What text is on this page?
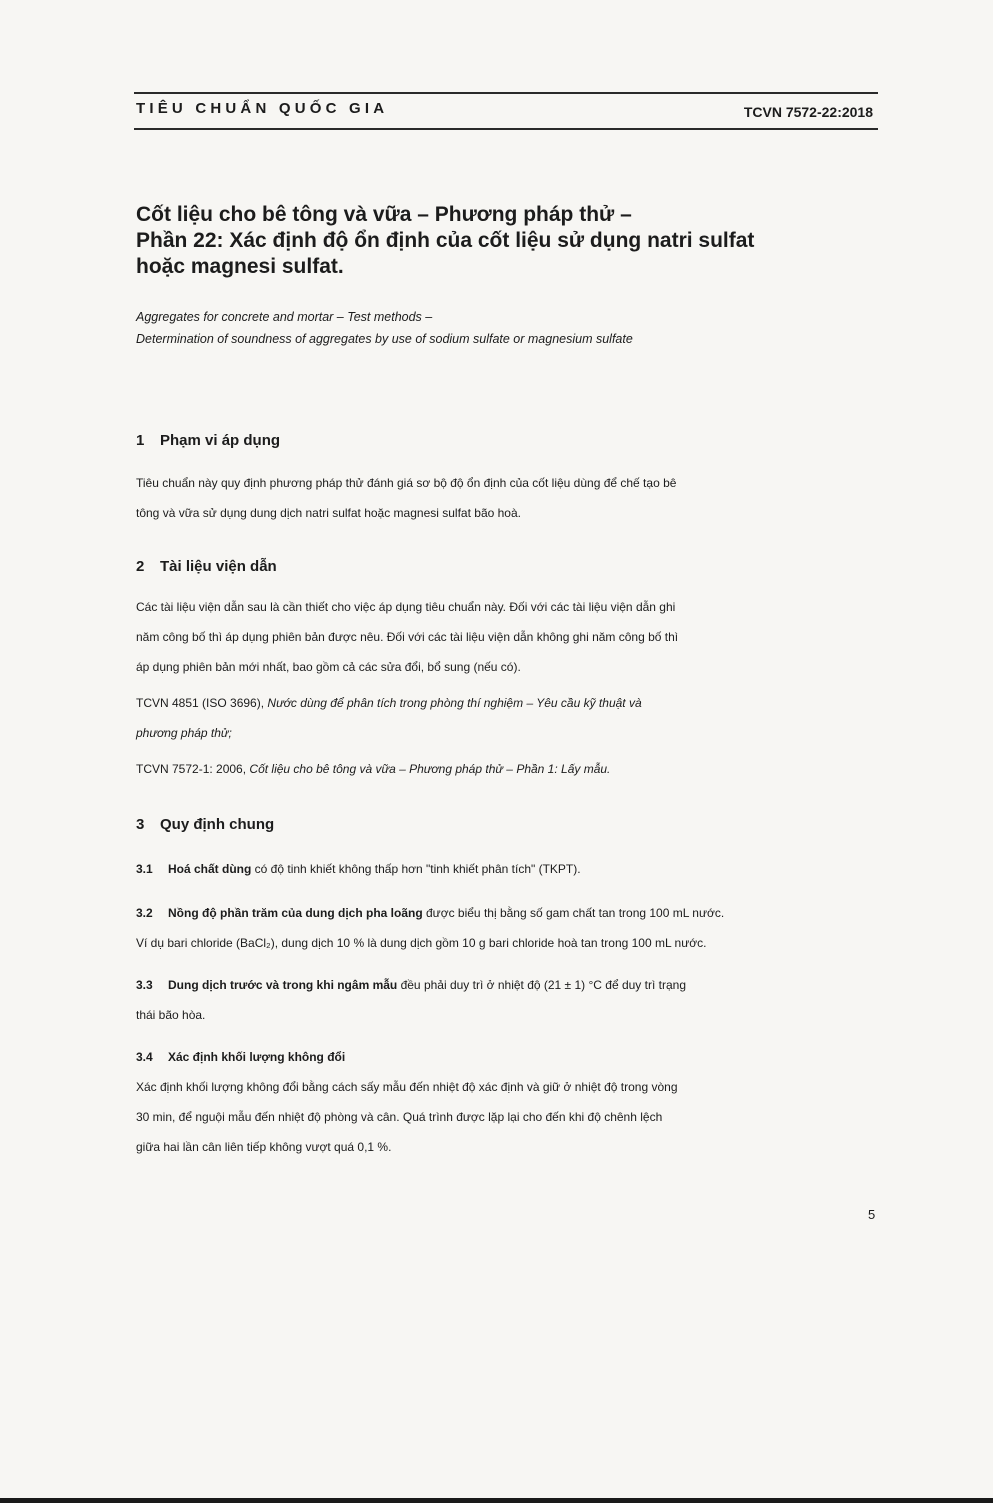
TIÊU CHUẨN QUỐC GIA	TCVN 7572-22:2018
Cốt liệu cho bê tông và vữa – Phương pháp thử –
Phần 22: Xác định độ ổn định của cốt liệu sử dụng natri sulfat
hoặc magnesi sulfat.
Aggregates for concrete and mortar – Test methods –
Determination of soundness of aggregates by use of sodium sulfate or magnesium sulfate
1 Phạm vi áp dụng
Tiêu chuẩn này quy định phương pháp thử đánh giá sơ bộ độ ổn định của cốt liệu dùng để chế tạo bê
tông và vữa sử dụng dung dịch natri sulfat hoặc magnesi sulfat bão hoà.
2 Tài liệu viện dẫn
Các tài liệu viện dẫn sau là cần thiết cho việc áp dụng tiêu chuẩn này. Đối với các tài liệu viện dẫn ghi
năm công bố thì áp dụng phiên bản được nêu. Đối với các tài liệu viện dẫn không ghi năm công bố thì
áp dụng phiên bản mới nhất, bao gồm cả các sửa đổi, bổ sung (nếu có).
TCVN 4851 (ISO 3696), Nước dùng để phân tích trong phòng thí nghiệm – Yêu cầu kỹ thuật và
phương pháp thử;
TCVN 7572-1: 2006, Cốt liệu cho bê tông và vữa – Phương pháp thử – Phần 1: Lấy mẫu.
3 Quy định chung
3.1 Hoá chất dùng có độ tinh khiết không thấp hơn "tinh khiết phân tích" (TKPT).
3.2 Nồng độ phần trăm của dung dịch pha loãng được biểu thị bằng số gam chất tan trong 100 mL nước.
Ví dụ bari chloride (BaCl₂), dung dịch 10 % là dung dịch gồm 10 g bari chloride hoà tan trong 100 mL nước.
3.3 Dung dịch trước và trong khi ngâm mẫu đều phải duy trì ở nhiệt độ (21 ± 1) °C để duy trì trạng
thái bão hòa.
3.4 Xác định khối lượng không đổi
Xác định khối lượng không đổi bằng cách sấy mẫu đến nhiệt độ xác định và giữ ở nhiệt độ trong vòng
30 min, để nguội mẫu đến nhiệt độ phòng và cân. Quá trình được lặp lại cho đến khi độ chênh lệch
giữa hai lần cân liên tiếp không vượt quá 0,1 %.
5
